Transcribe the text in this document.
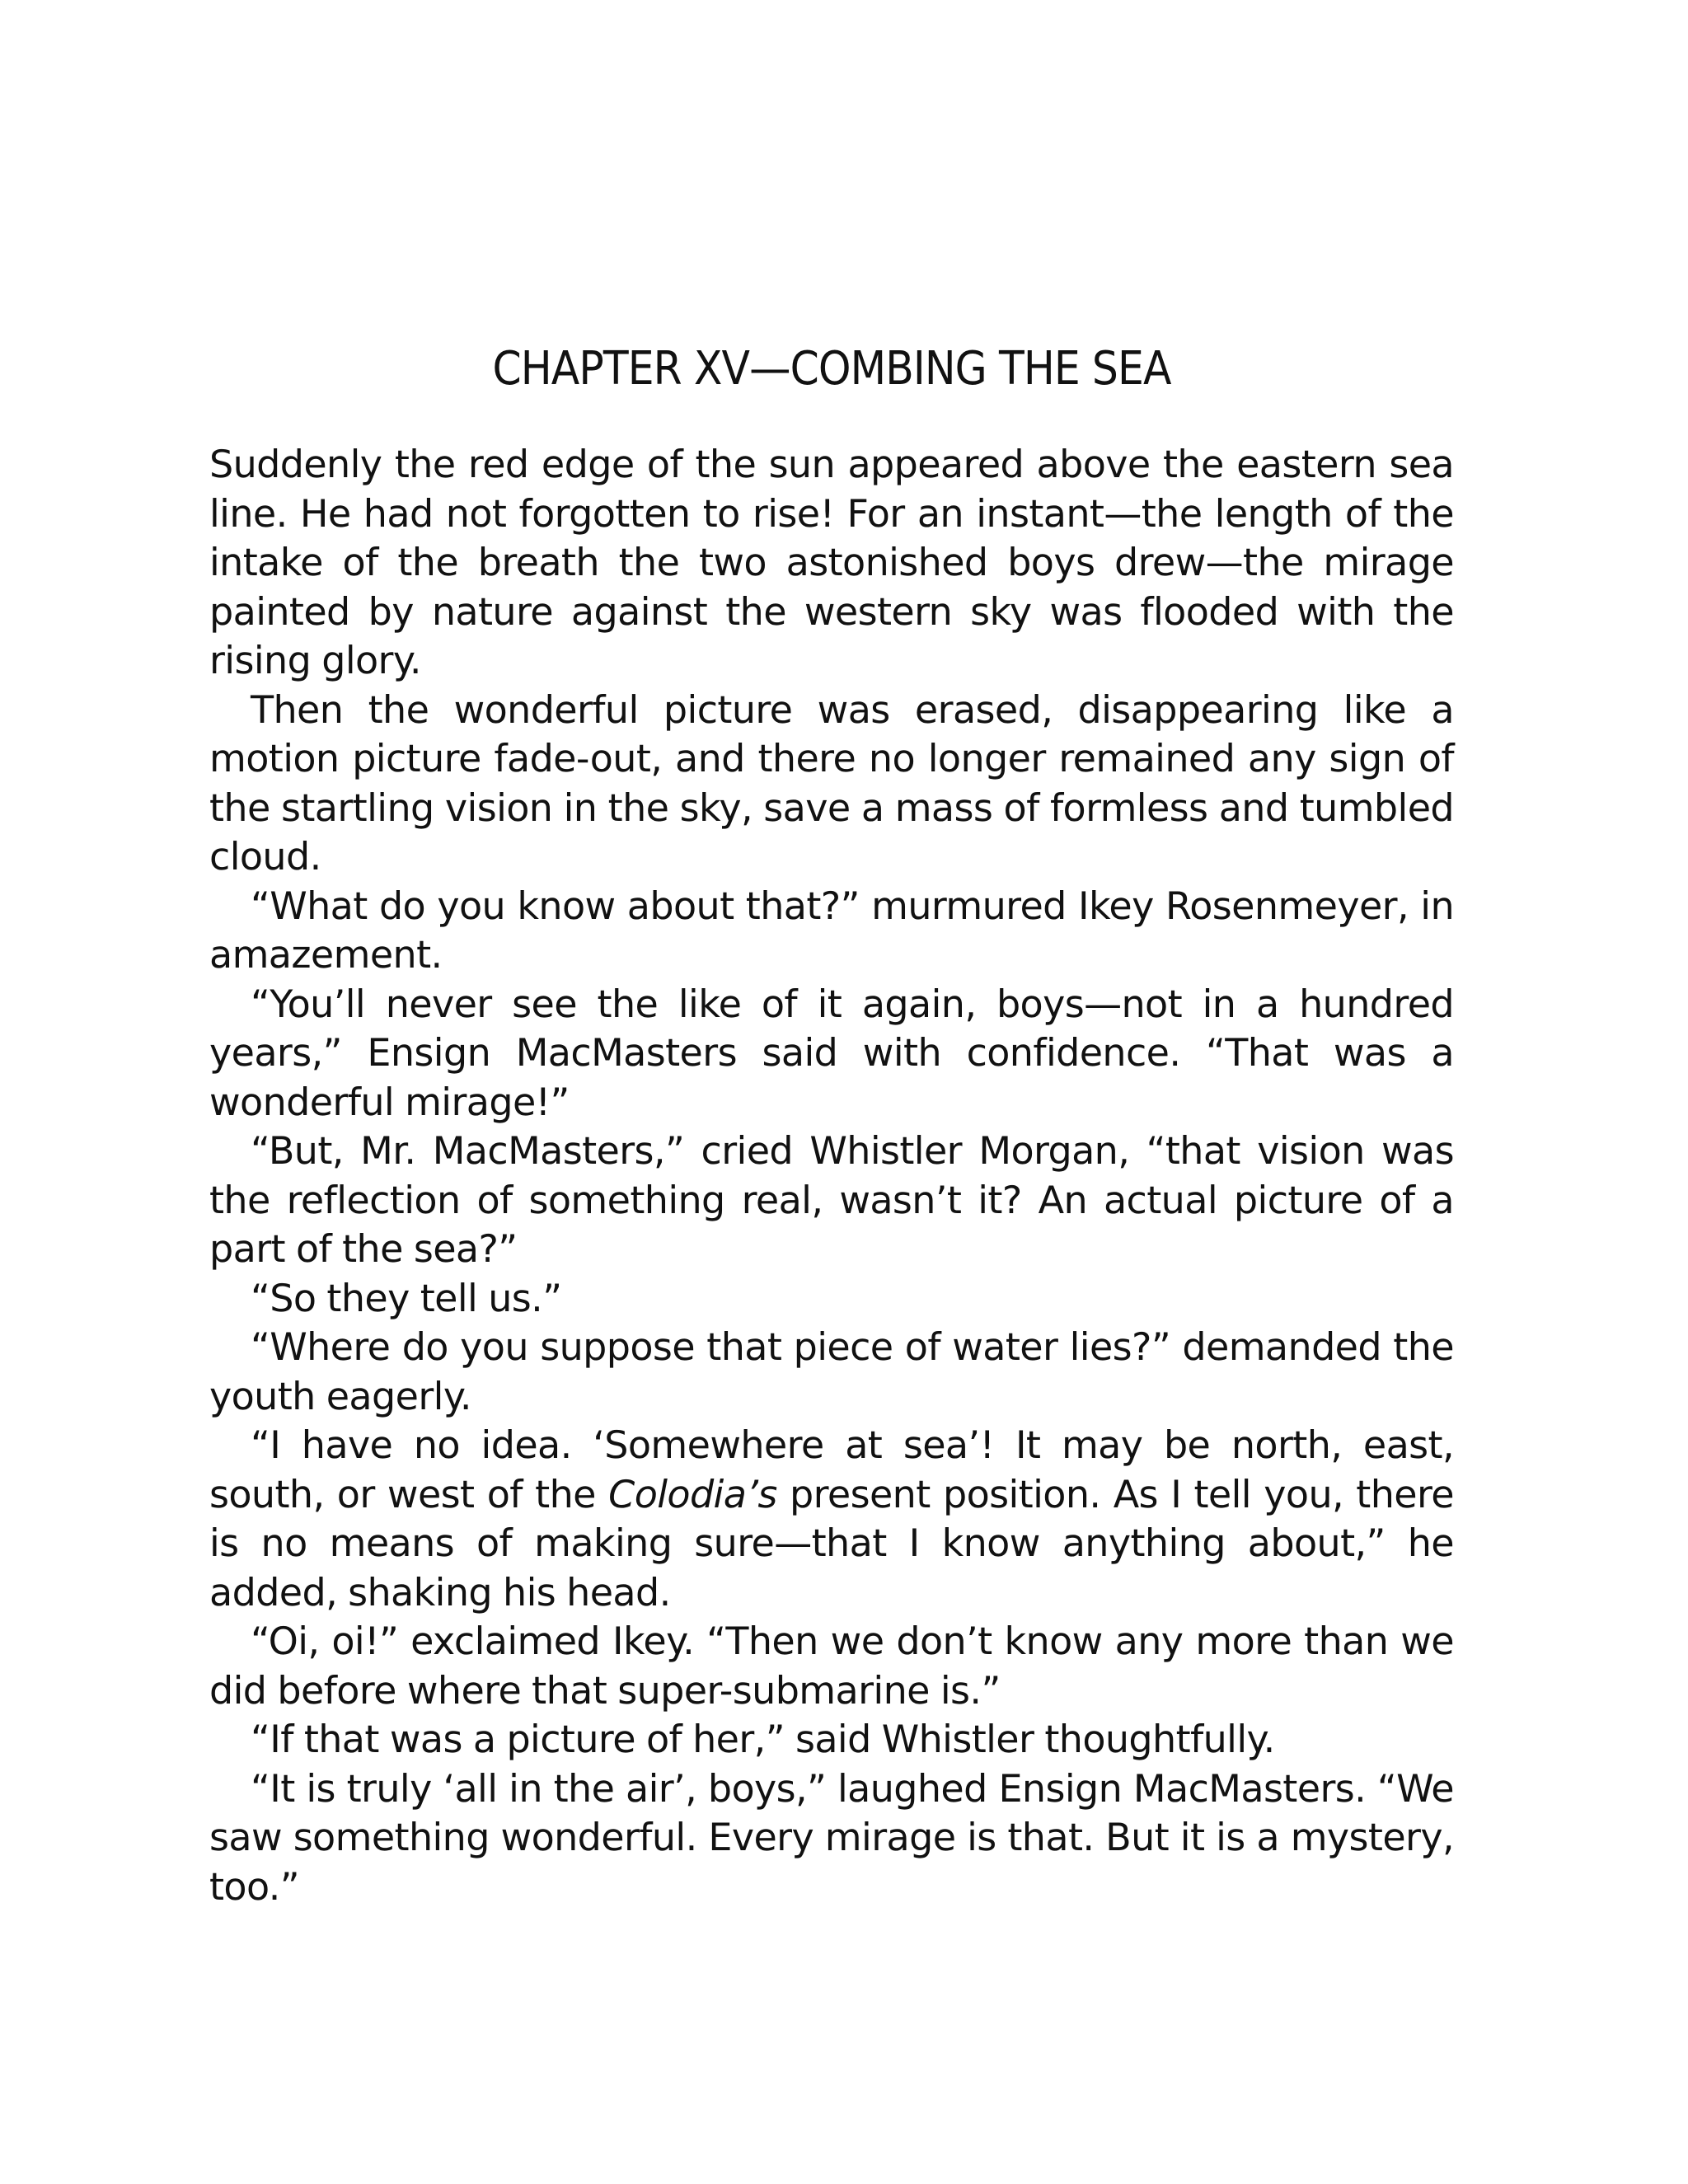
CHAPTER XV—COMBING THE SEA

Suddenly the red edge of the sun appeared above the eastern sea line. He had not forgotten to rise! For an instant—the length of the intake of the breath the two astonished boys drew—the mirage painted by nature against the western sky was flooded with the rising glory.

Then the wonderful picture was erased, disappearing like a motion picture fade-out, and there no longer remained any sign of the startling vision in the sky, save a mass of formless and tumbled cloud.

“What do you know about that?” murmured Ikey Rosenmeyer, in amazement.

“You’ll never see the like of it again, boys—not in a hundred years,” Ensign MacMasters said with confidence. “That was a wonderful mirage!”

“But, Mr. MacMasters,” cried Whistler Morgan, “that vision was the reflection of something real, wasn’t it? An actual picture of a part of the sea?”

“So they tell us.”

“Where do you suppose that piece of water lies?” demanded the youth eagerly.

“I have no idea. ‘Somewhere at sea’! It may be north, east, south, or west of the Colodia’s present position. As I tell you, there is no means of making sure—that I know anything about,” he added, shaking his head.

“Oi, oi!” exclaimed Ikey. “Then we don’t know any more than we did before where that super-submarine is.”

“If that was a picture of her,” said Whistler thoughtfully.

“It is truly ‘all in the air’, boys,” laughed Ensign MacMasters. “We saw something wonderful. Every mirage is that. But it is a mystery, too.”
